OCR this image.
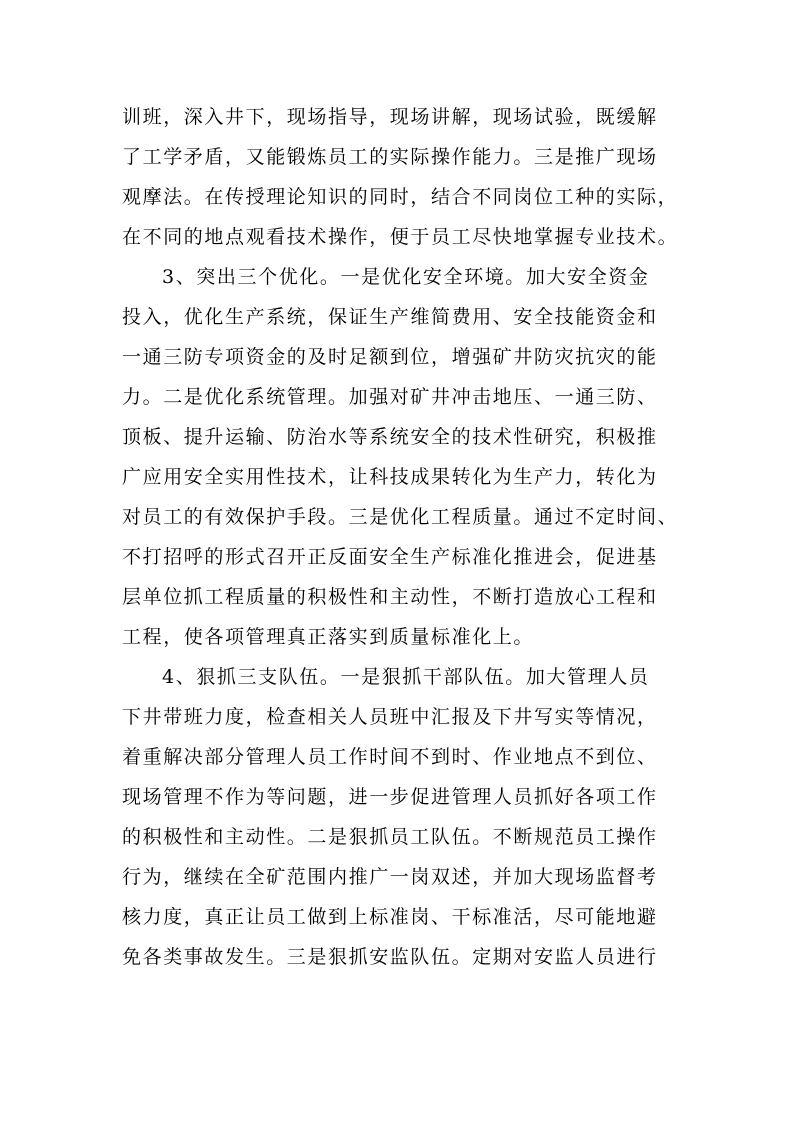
训班，深入井下，现场指导，现场讲解，现场试验，既缓解
了工学矛盾，又能锻炼员工的实际操作能力。三是推广现场
观摩法。在传授理论知识的同时，结合不同岗位工种的实际，
在不同的地点观看技术操作，便于员工尽快地掌握专业技术。
3、突出三个优化。一是优化安全环境。加大安全资金
投入，优化生产系统，保证生产维简费用、安全技能资金和
一通三防专项资金的及时足额到位，增强矿井防灾抗灾的能
力。二是优化系统管理。加强对矿井冲击地压、一通三防、
顶板、提升运输、防治水等系统安全的技术性研究，积极推
广应用安全实用性技术，让科技成果转化为生产力，转化为
对员工的有效保护手段。三是优化工程质量。通过不定时间、
不打招呼的形式召开正反面安全生产标准化推进会，促进基
层单位抓工程质量的积极性和主动性，不断打造放心工程和
工程，使各项管理真正落实到质量标准化上。
4、狠抓三支队伍。一是狠抓干部队伍。加大管理人员
下井带班力度，检查相关人员班中汇报及下井写实等情况，
着重解决部分管理人员工作时间不到时、作业地点不到位、
现场管理不作为等问题，进一步促进管理人员抓好各项工作
的积极性和主动性。二是狠抓员工队伍。不断规范员工操作
行为，继续在全矿范围内推广一岗双述，并加大现场监督考
核力度，真正让员工做到上标准岗、干标准活，尽可能地避
免各类事故发生。三是狠抓安监队伍。定期对安监人员进行
